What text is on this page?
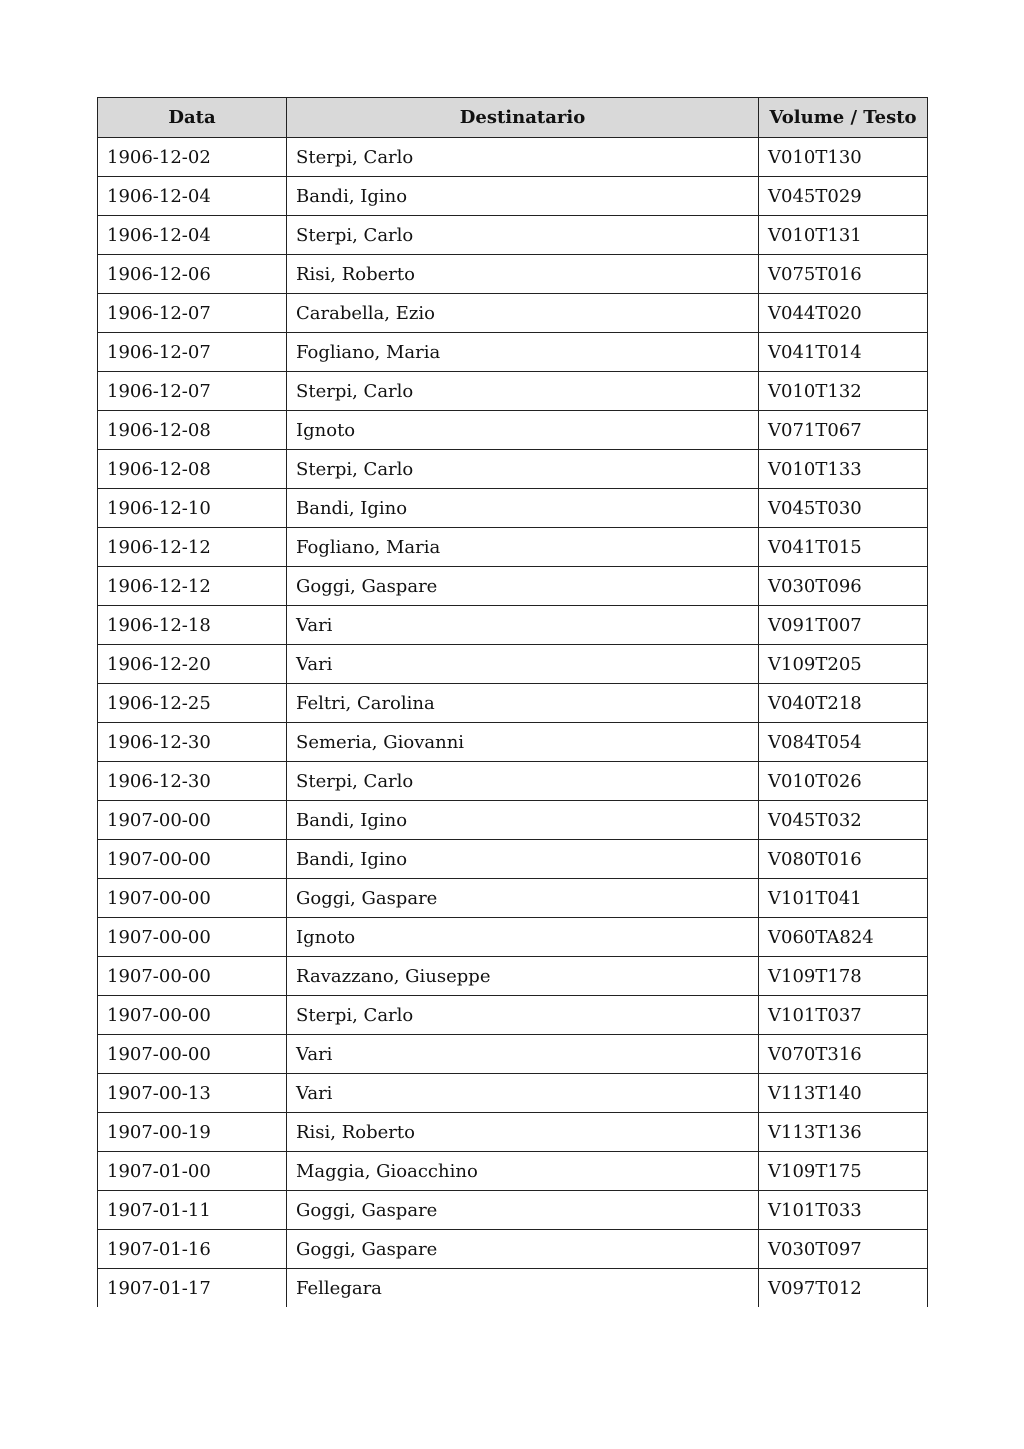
Data	Destinatario	Volume / Testo
1906-12-02	Sterpi, Carlo	V010T130
1906-12-04	Bandi, Igino	V045T029
1906-12-04	Sterpi, Carlo	V010T131
1906-12-06	Risi, Roberto	V075T016
1906-12-07	Carabella, Ezio	V044T020
1906-12-07	Fogliano, Maria	V041T014
1906-12-07	Sterpi, Carlo	V010T132
1906-12-08	Ignoto	V071T067
1906-12-08	Sterpi, Carlo	V010T133
1906-12-10	Bandi, Igino	V045T030
1906-12-12	Fogliano, Maria	V041T015
1906-12-12	Goggi, Gaspare	V030T096
1906-12-18	Vari	V091T007
1906-12-20	Vari	V109T205
1906-12-25	Feltri, Carolina	V040T218
1906-12-30	Semeria, Giovanni	V084T054
1906-12-30	Sterpi, Carlo	V010T026
1907-00-00	Bandi, Igino	V045T032
1907-00-00	Bandi, Igino	V080T016
1907-00-00	Goggi, Gaspare	V101T041
1907-00-00	Ignoto	V060TA824
1907-00-00	Ravazzano, Giuseppe	V109T178
1907-00-00	Sterpi, Carlo	V101T037
1907-00-00	Vari	V070T316
1907-00-13	Vari	V113T140
1907-00-19	Risi, Roberto	V113T136
1907-01-00	Maggia, Gioacchino	V109T175
1907-01-11	Goggi, Gaspare	V101T033
1907-01-16	Goggi, Gaspare	V030T097
1907-01-17	Fellegara	V097T012
